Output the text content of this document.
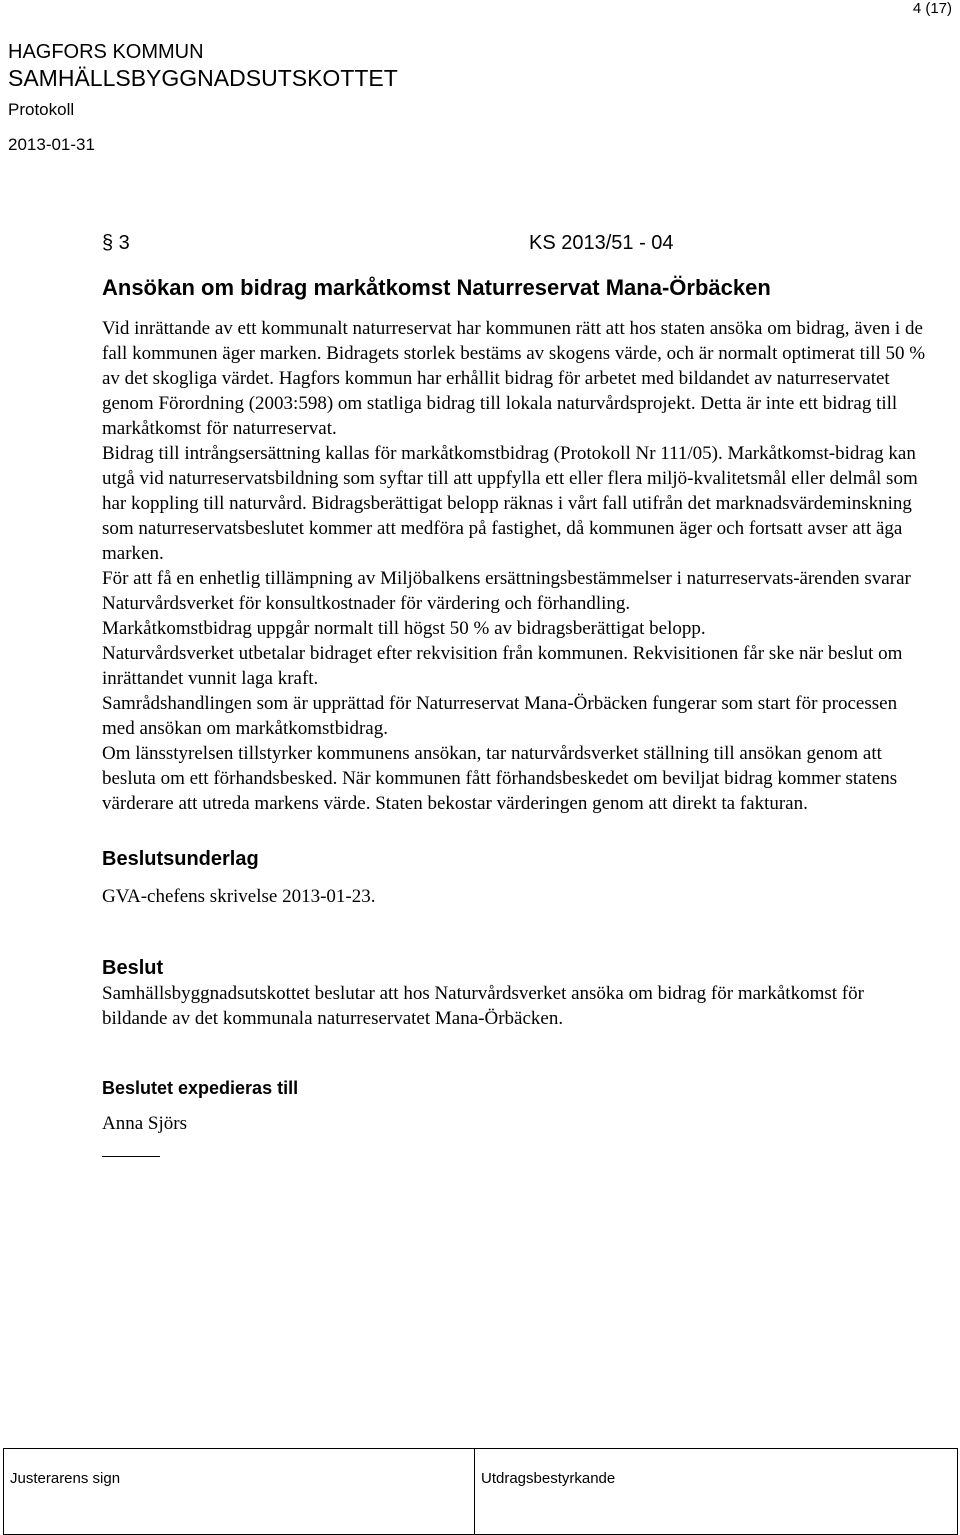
4 (17)
HAGFORS KOMMUN
SAMHÄLLSBYGGNADSUTSKOTTET
Protokoll
2013-01-31
§ 3	KS 2013/51 - 04
Ansökan om bidrag markåtkomst Naturreservat Mana-Örbäcken

Vid inrättande av ett kommunalt naturreservat har kommunen rätt att hos staten ansöka om bidrag, även i de fall kommunen äger marken. Bidragets storlek bestäms av skogens värde, och är normalt optimerat till 50 % av det skogliga värdet. Hagfors kommun har erhållit bidrag för arbetet med bildandet av naturreservatet genom Förordning (2003:598) om statliga bidrag till lokala naturvårdsprojekt. Detta är inte ett bidrag till markåtkomst för naturreservat.

Bidrag till intrångsersättning kallas för markåtkomstbidrag (Protokoll Nr 111/05). Markåtkomst-bidrag kan utgå vid naturreservatsbildning som syftar till att uppfylla ett eller flera miljö-kvalitetsmål eller delmål som har koppling till naturvård. Bidragsberättigat belopp räknas i vårt fall utifrån det marknadsvärdeminskning som naturreservatsbeslutet kommer att medföra på fastighet, då kommunen äger och fortsatt avser att äga marken.

För att få en enhetlig tillämpning av Miljöbalkens ersättningsbestämmelser i naturreservats-ärenden svarar Naturvårdsverket för konsultkostnader för värdering och förhandling.

Markåtkomstbidrag uppgår normalt till högst 50 % av bidragsberättigat belopp.

Naturvårdsverket utbetalar bidraget efter rekvisition från kommunen. Rekvisitionen får ske när beslut om inrättandet vunnit laga kraft.

Samrådshandlingen som är upprättad för Naturreservat Mana-Örbäcken fungerar som start för processen med ansökan om markåtkomstbidrag.

Om länsstyrelsen tillstyrker kommunens ansökan, tar naturvårdsverket ställning till ansökan genom att besluta om ett förhandsbesked. När kommunen fått förhandsbeskedet om beviljat bidrag kommer statens värderare att utreda markens värde. Staten bekostar värderingen genom att direkt ta fakturan.

Beslutsunderlag

GVA-chefens skrivelse 2013-01-23.

Beslut

Samhällsbyggnadsutskottet beslutar att hos Naturvårdsverket ansöka om bidrag för markåtkomst för bildande av det kommunala naturreservatet Mana-Örbäcken.

Beslutet expedieras till

Anna Sjörs

Justerarens sign	Utdragsbestyrkande
